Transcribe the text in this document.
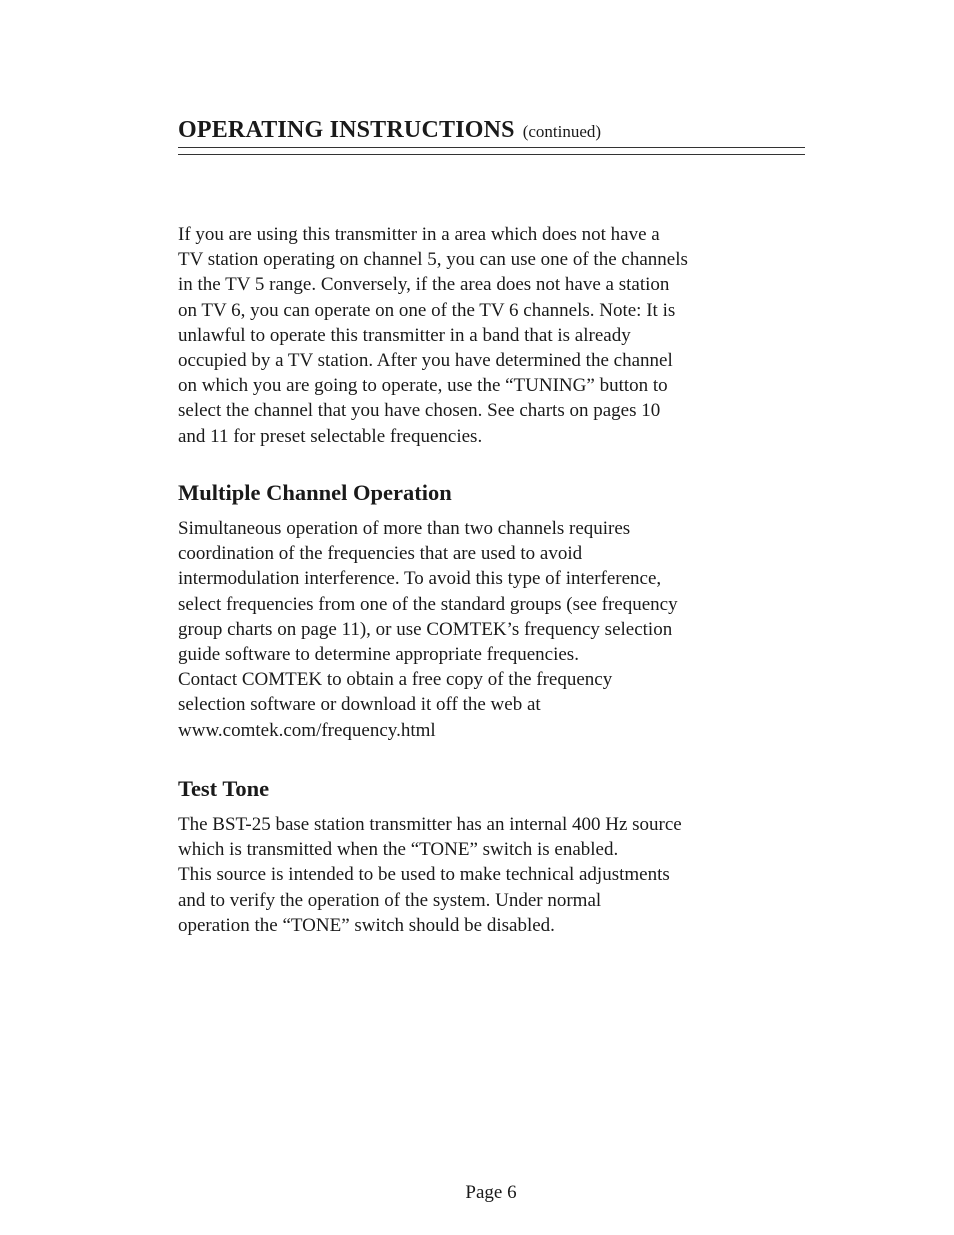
OPERATING INSTRUCTIONS (continued)

If you are using this transmitter in a area which does not have a
TV station operating on channel 5, you can use one of the channels
in the TV 5 range. Conversely, if the area does not have a station
on TV 6, you can operate on one of the TV 6 channels. Note: It is
unlawful to operate this transmitter in a band that is already
occupied by a TV station. After you have determined the channel
on which you are going to operate, use the “TUNING” button to
select the channel that you have chosen. See charts on pages 10
and 11 for preset selectable frequencies.

Multiple Channel Operation

Simultaneous operation of more than two channels requires
coordination of the frequencies that are used to avoid
intermodulation interference. To avoid this type of interference,
select frequencies from one of the standard groups (see frequency
group charts on page 11), or use COMTEK’s frequency selection
guide software to determine appropriate frequencies.
Contact COMTEK to obtain a free copy of the frequency
selection software or download it off the web at
www.comtek.com/frequency.html

Test Tone

The BST-25 base station transmitter has an internal 400 Hz source
which is transmitted when the “TONE” switch is enabled.
This source is intended to be used to make technical adjustments
and to verify the operation of the system. Under normal
operation the “TONE” switch should be disabled.

Page 6
